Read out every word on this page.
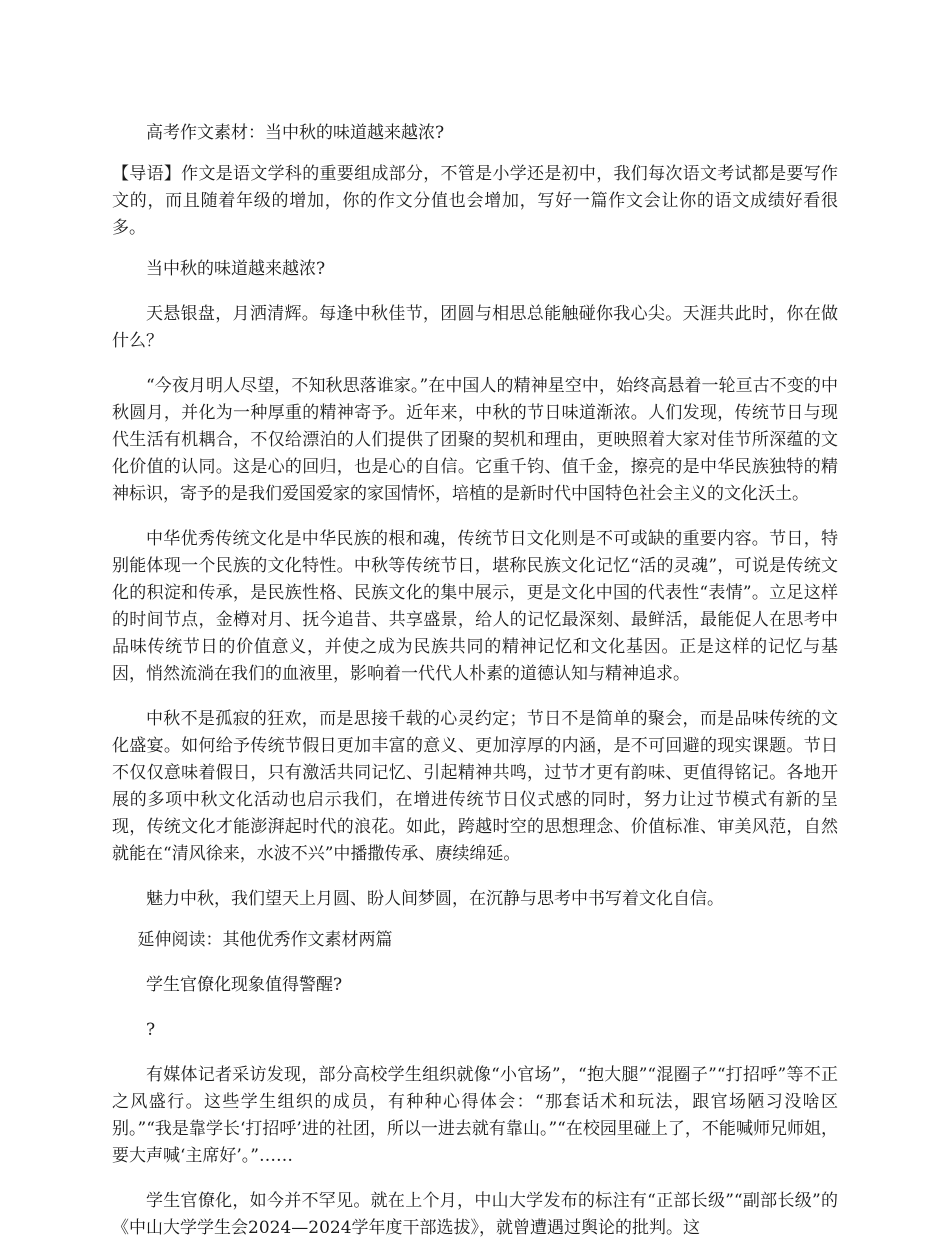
高考作文素材：当中秋的味道越来越浓?

【导语】作文是语文学科的重要组成部分，不管是小学还是初中，我们每次语文考试都是要写作文的，而且随着年级的增加，你的作文分值也会增加，写好一篇作文会让你的语文成绩好看很多。

当中秋的味道越来越浓?

天悬银盘，月洒清辉。每逢中秋佳节，团圆与相思总能触碰你我心尖。天涯共此时，你在做什么？

“今夜月明人尽望，不知秋思落谁家。”在中国人的精神星空中，始终高悬着一轮亘古不变的中秋圆月，并化为一种厚重的精神寄予。近年来，中秋的节日味道渐浓。人们发现，传统节日与现代生活有机耦合，不仅给漂泊的人们提供了团聚的契机和理由，更映照着大家对佳节所深蕴的文化价值的认同。这是心的回归，也是心的自信。它重千钧、值千金，擦亮的是中华民族独特的精神标识，寄予的是我们爱国爱家的家国情怀，培植的是新时代中国特色社会主义的文化沃土。

中华优秀传统文化是中华民族的根和魂，传统节日文化则是不可或缺的重要内容。节日，特别能体现一个民族的文化特性。中秋等传统节日，堪称民族文化记忆“活的灵魂”，可说是传统文化的积淀和传承，是民族性格、民族文化的集中展示，更是文化中国的代表性“表情”。立足这样的时间节点，金樽对月、抚今追昔、共享盛景，给人的记忆最深刻、最鲜活，最能促人在思考中品味传统节日的价值意义，并使之成为民族共同的精神记忆和文化基因。正是这样的记忆与基因，悄然流淌在我们的血液里，影响着一代代人朴素的道德认知与精神追求。

中秋不是孤寂的狂欢，而是思接千载的心灵约定；节日不是简单的聚会，而是品味传统的文化盛宴。如何给予传统节假日更加丰富的意义、更加淳厚的内涵，是不可回避的现实课题。节日不仅仅意味着假日，只有激活共同记忆、引起精神共鸣，过节才更有韵味、更值得铭记。各地开展的多项中秋文化活动也启示我们，在增进传统节日仪式感的同时，努力让过节模式有新的呈现，传统文化才能澎湃起时代的浪花。如此，跨越时空的思想理念、价值标准、审美风范，自然就能在“清风徐来，水波不兴”中播撒传承、赓续绵延。

魅力中秋，我们望天上月圆、盼人间梦圆，在沉静与思考中书写着文化自信。

延伸阅读：其他优秀作文素材两篇

学生官僚化现象值得警醒?

?

有媒体记者采访发现，部分高校学生组织就像“小官场”，“抱大腿”“混圈子”“打招呼”等不正之风盛行。这些学生组织的成员，有种种心得体会：“那套话术和玩法，跟官场陋习没啥区别。”“我是靠学长‘打招呼’进的社团，所以一进去就有靠山。”“在校园里碰上了，不能喊师兄师姐，要大声喊‘主席好’。”……

学生官僚化，如今并不罕见。就在上个月，中山大学发布的标注有“正部长级”“副部长级”的《中山大学学生会2024—2024学年度干部选拔》，就曾遭遇过舆论的批判。这
